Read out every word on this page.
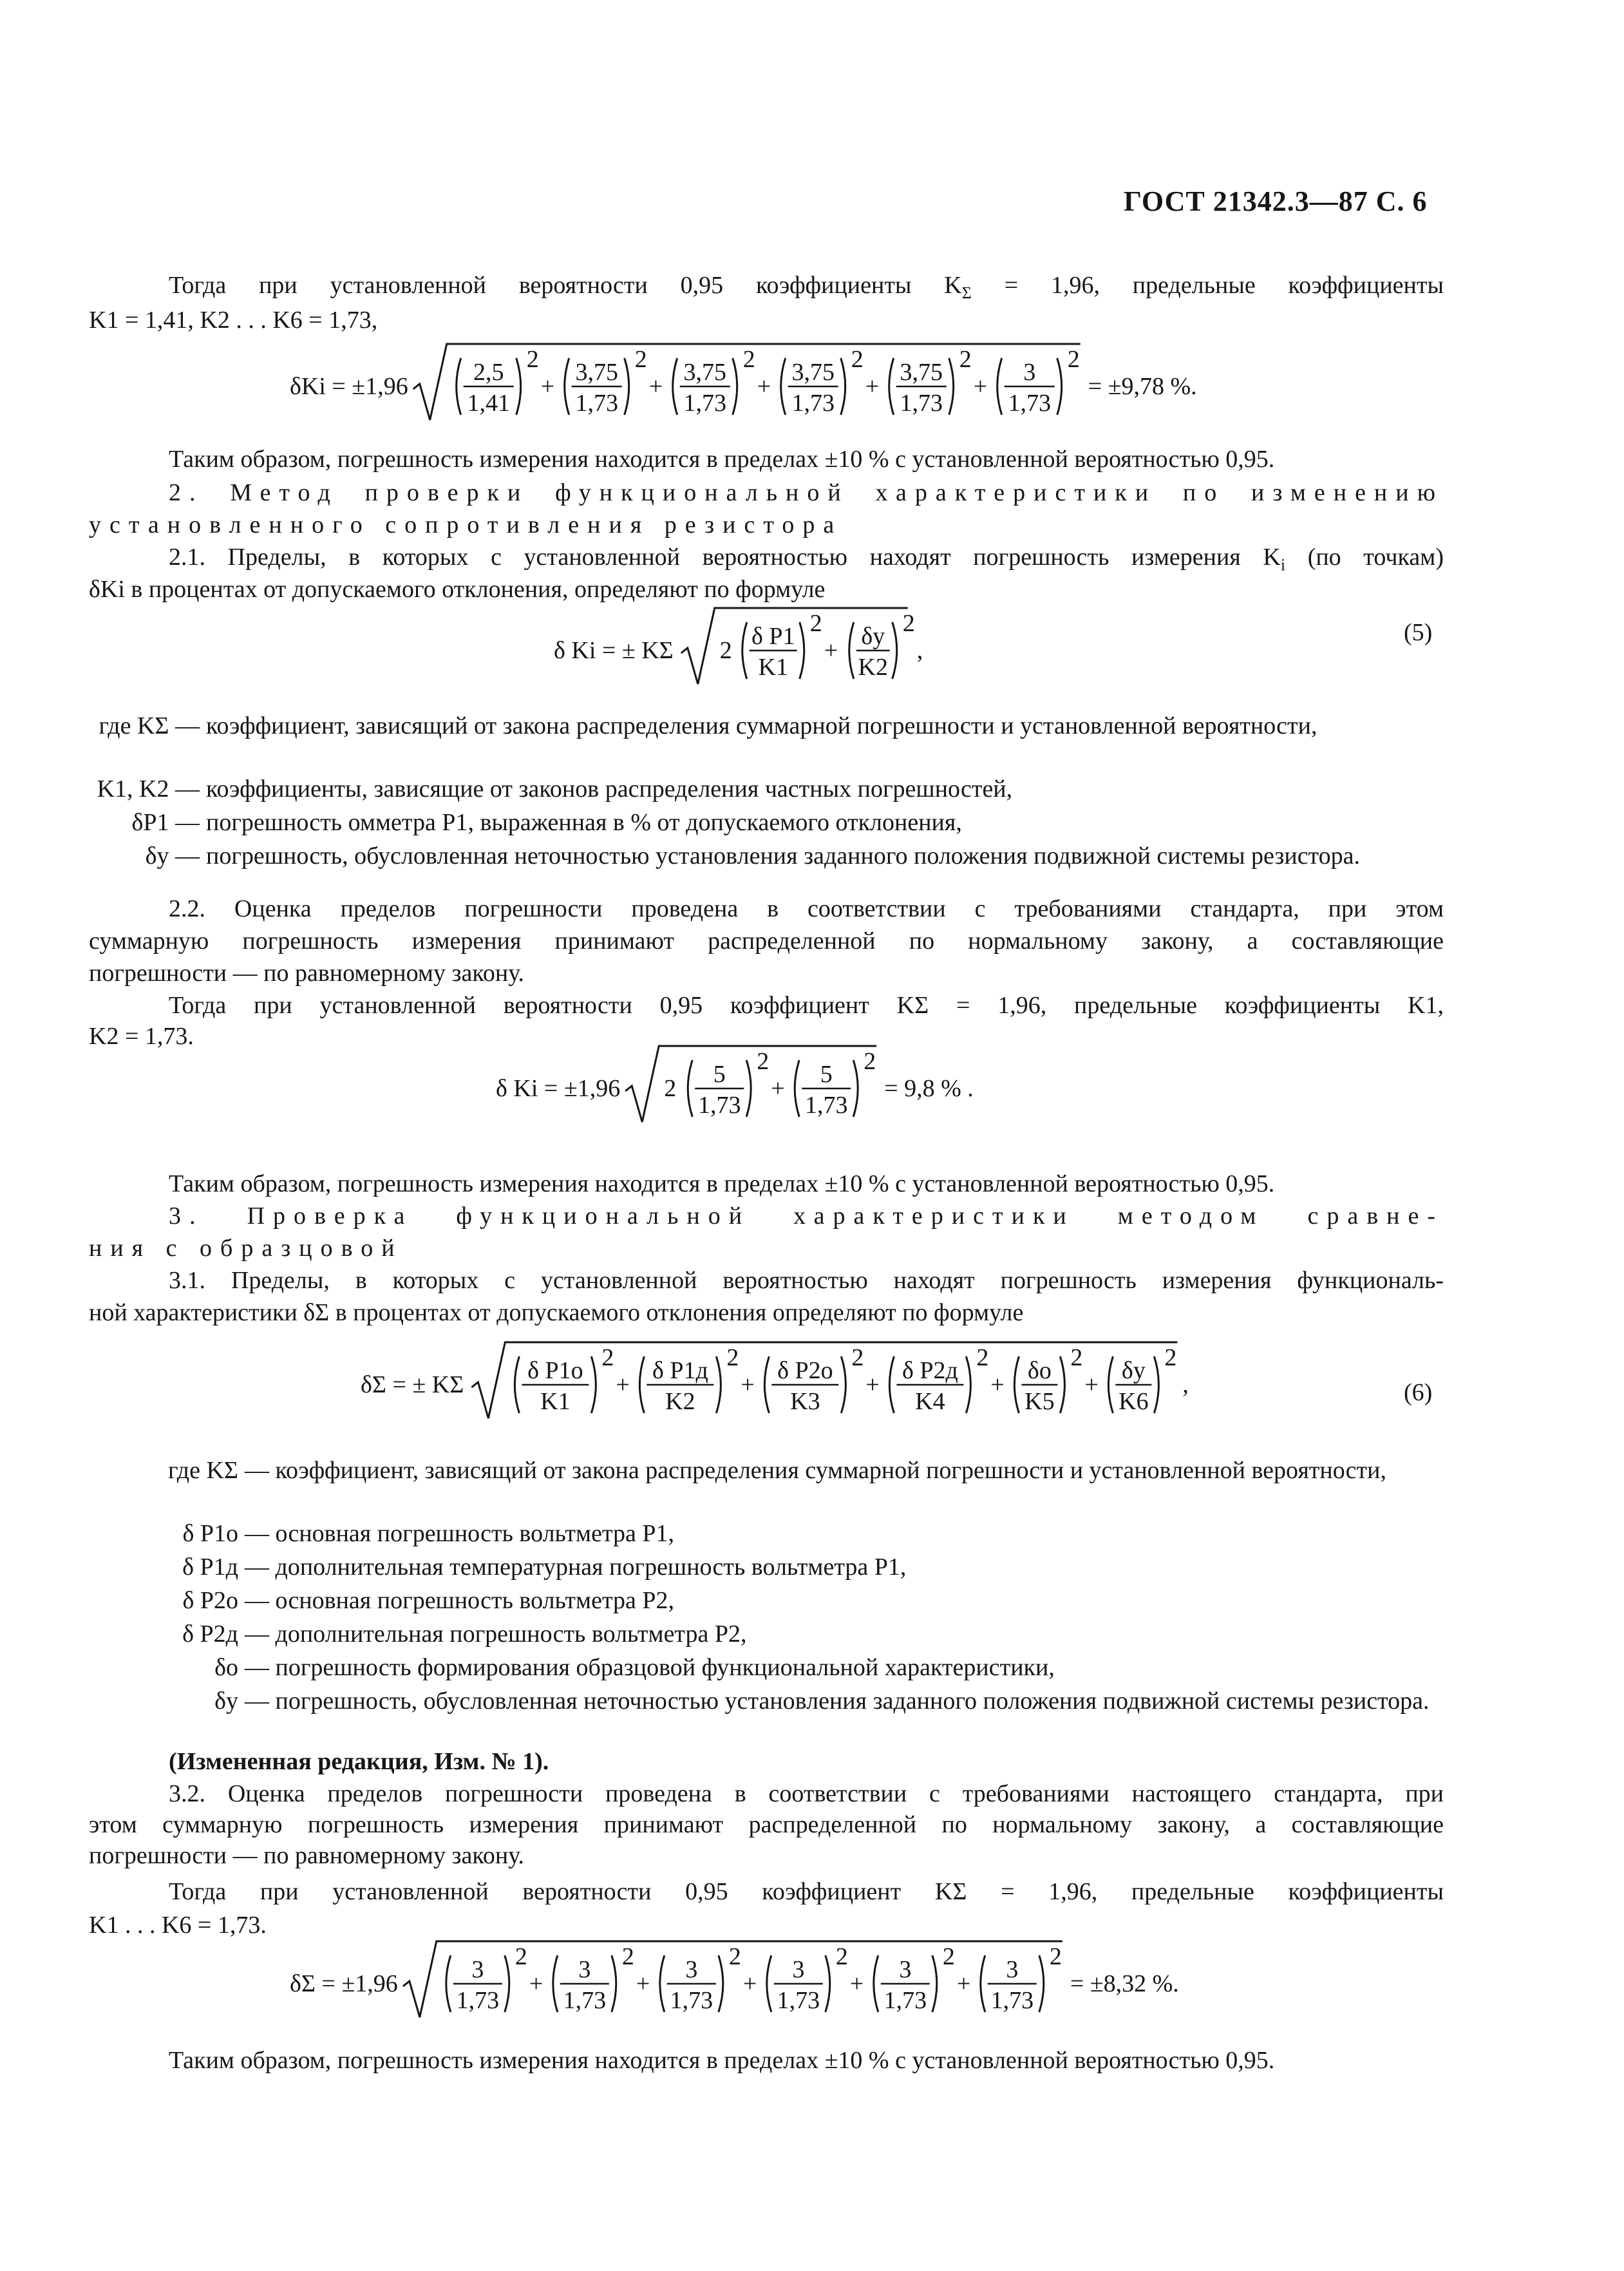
ГОСТ 21342.3—87 С. 6
Тогда при установленной вероятности 0,95 коэффициенты $K_\Sigma = 1,96$, предельные коэффициенты
K1 = 1,41, K2 . . . K6 = 1,73,
δKi = ±1,96
2,5
1,41
2
+
3,75
1,73
2
+
3,75
1,73
2
+
3,75
1,73
2
+
3,75
1,73
2
+
3
1,73
2
= ±9,78 %.
Таким образом, погрешность измерения находится в пределах ±10 % с установленной вероятностью 0,95.
2. Метод проверки функциональной характеристики по изменению
установленного сопротивления резистора
2.1. Пределы, в которых с установленной вероятностью находят погрешность измерения $K_i$ (по точкам)
δKi в процентах от допускаемого отклонения, определяют по формуле
δ Ki = ± KΣ 2
δ P1
K1
2
+
δу
K2
2
,
(5)
где KΣ — коэффициент, зависящий от закона распределения суммарной погрешности и установленной вероятности,
K1, K2 — коэффициенты, зависящие от законов распределения частных погрешностей,
δP1 — погрешность омметра P1, выраженная в % от допускаемого отклонения,
δу — погрешность, обусловленная неточностью установления заданного положения подвижной системы резистора.
2.2. Оценка пределов погрешности проведена в соответствии с требованиями стандарта, при этом
суммарную погрешность измерения принимают распределенной по нормальному закону, а составляющие
погрешности — по равномерному закону.
Тогда при установленной вероятности 0,95 коэффициент KΣ = 1,96, предельные коэффициенты K1,
K2 = 1,73.
δ Ki = ±1,96 2
5
1,73
2
+
5
1,73
2
= 9,8 % .
Таким образом, погрешность измерения находится в пределах ±10 % с установленной вероятностью 0,95.
3. Проверка функциональной характеристики методом сравне-
ния с образцовой
3.1. Пределы, в которых с установленной вероятностью находят погрешность измерения функциональ-
ной характеристики δΣ в процентах от допускаемого отклонения определяют по формуле
δΣ = ± KΣ
δ P1о
K1
2
+
δ P1д
K2
2
+
δ P2о
K3
2
+
δ P2д
K4
2
+
δо
K5
2
+
δу
K6
2
,	(6)
где KΣ — коэффициент, зависящий от закона распределения суммарной погрешности и установленной вероятности,
δ P1о — основная погрешность вольтметра P1,
δ P1д — дополнительная температурная погрешность вольтметра P1,
δ P2о — основная погрешность вольтметра P2,
δ P2д — дополнительная погрешность вольтметра P2,
δо — погрешность формирования образцовой функциональной характеристики,
δу — погрешность, обусловленная неточностью установления заданного положения подвижной системы резистора.
(Измененная редакция, Изм. № 1).
3.2. Оценка пределов погрешности проведена в соответствии с требованиями настоящего стандарта, при
этом суммарную погрешность измерения принимают распределенной по нормальному закону, а составляющие
погрешности — по равномерному закону.
Тогда при установленной вероятности 0,95 коэффициент KΣ = 1,96, предельные коэффициенты
K1 . . . K6 = 1,73.
δΣ = ±1,96
3
1,73
2
+
3
1,73
2
+
3
1,73
2
+
3
1,73
2
+
3
1,73
2
+
3
1,73
2
= ±8,32 %.
Таким образом, погрешность измерения находится в пределах ±10 % с установленной вероятностью 0,95.
